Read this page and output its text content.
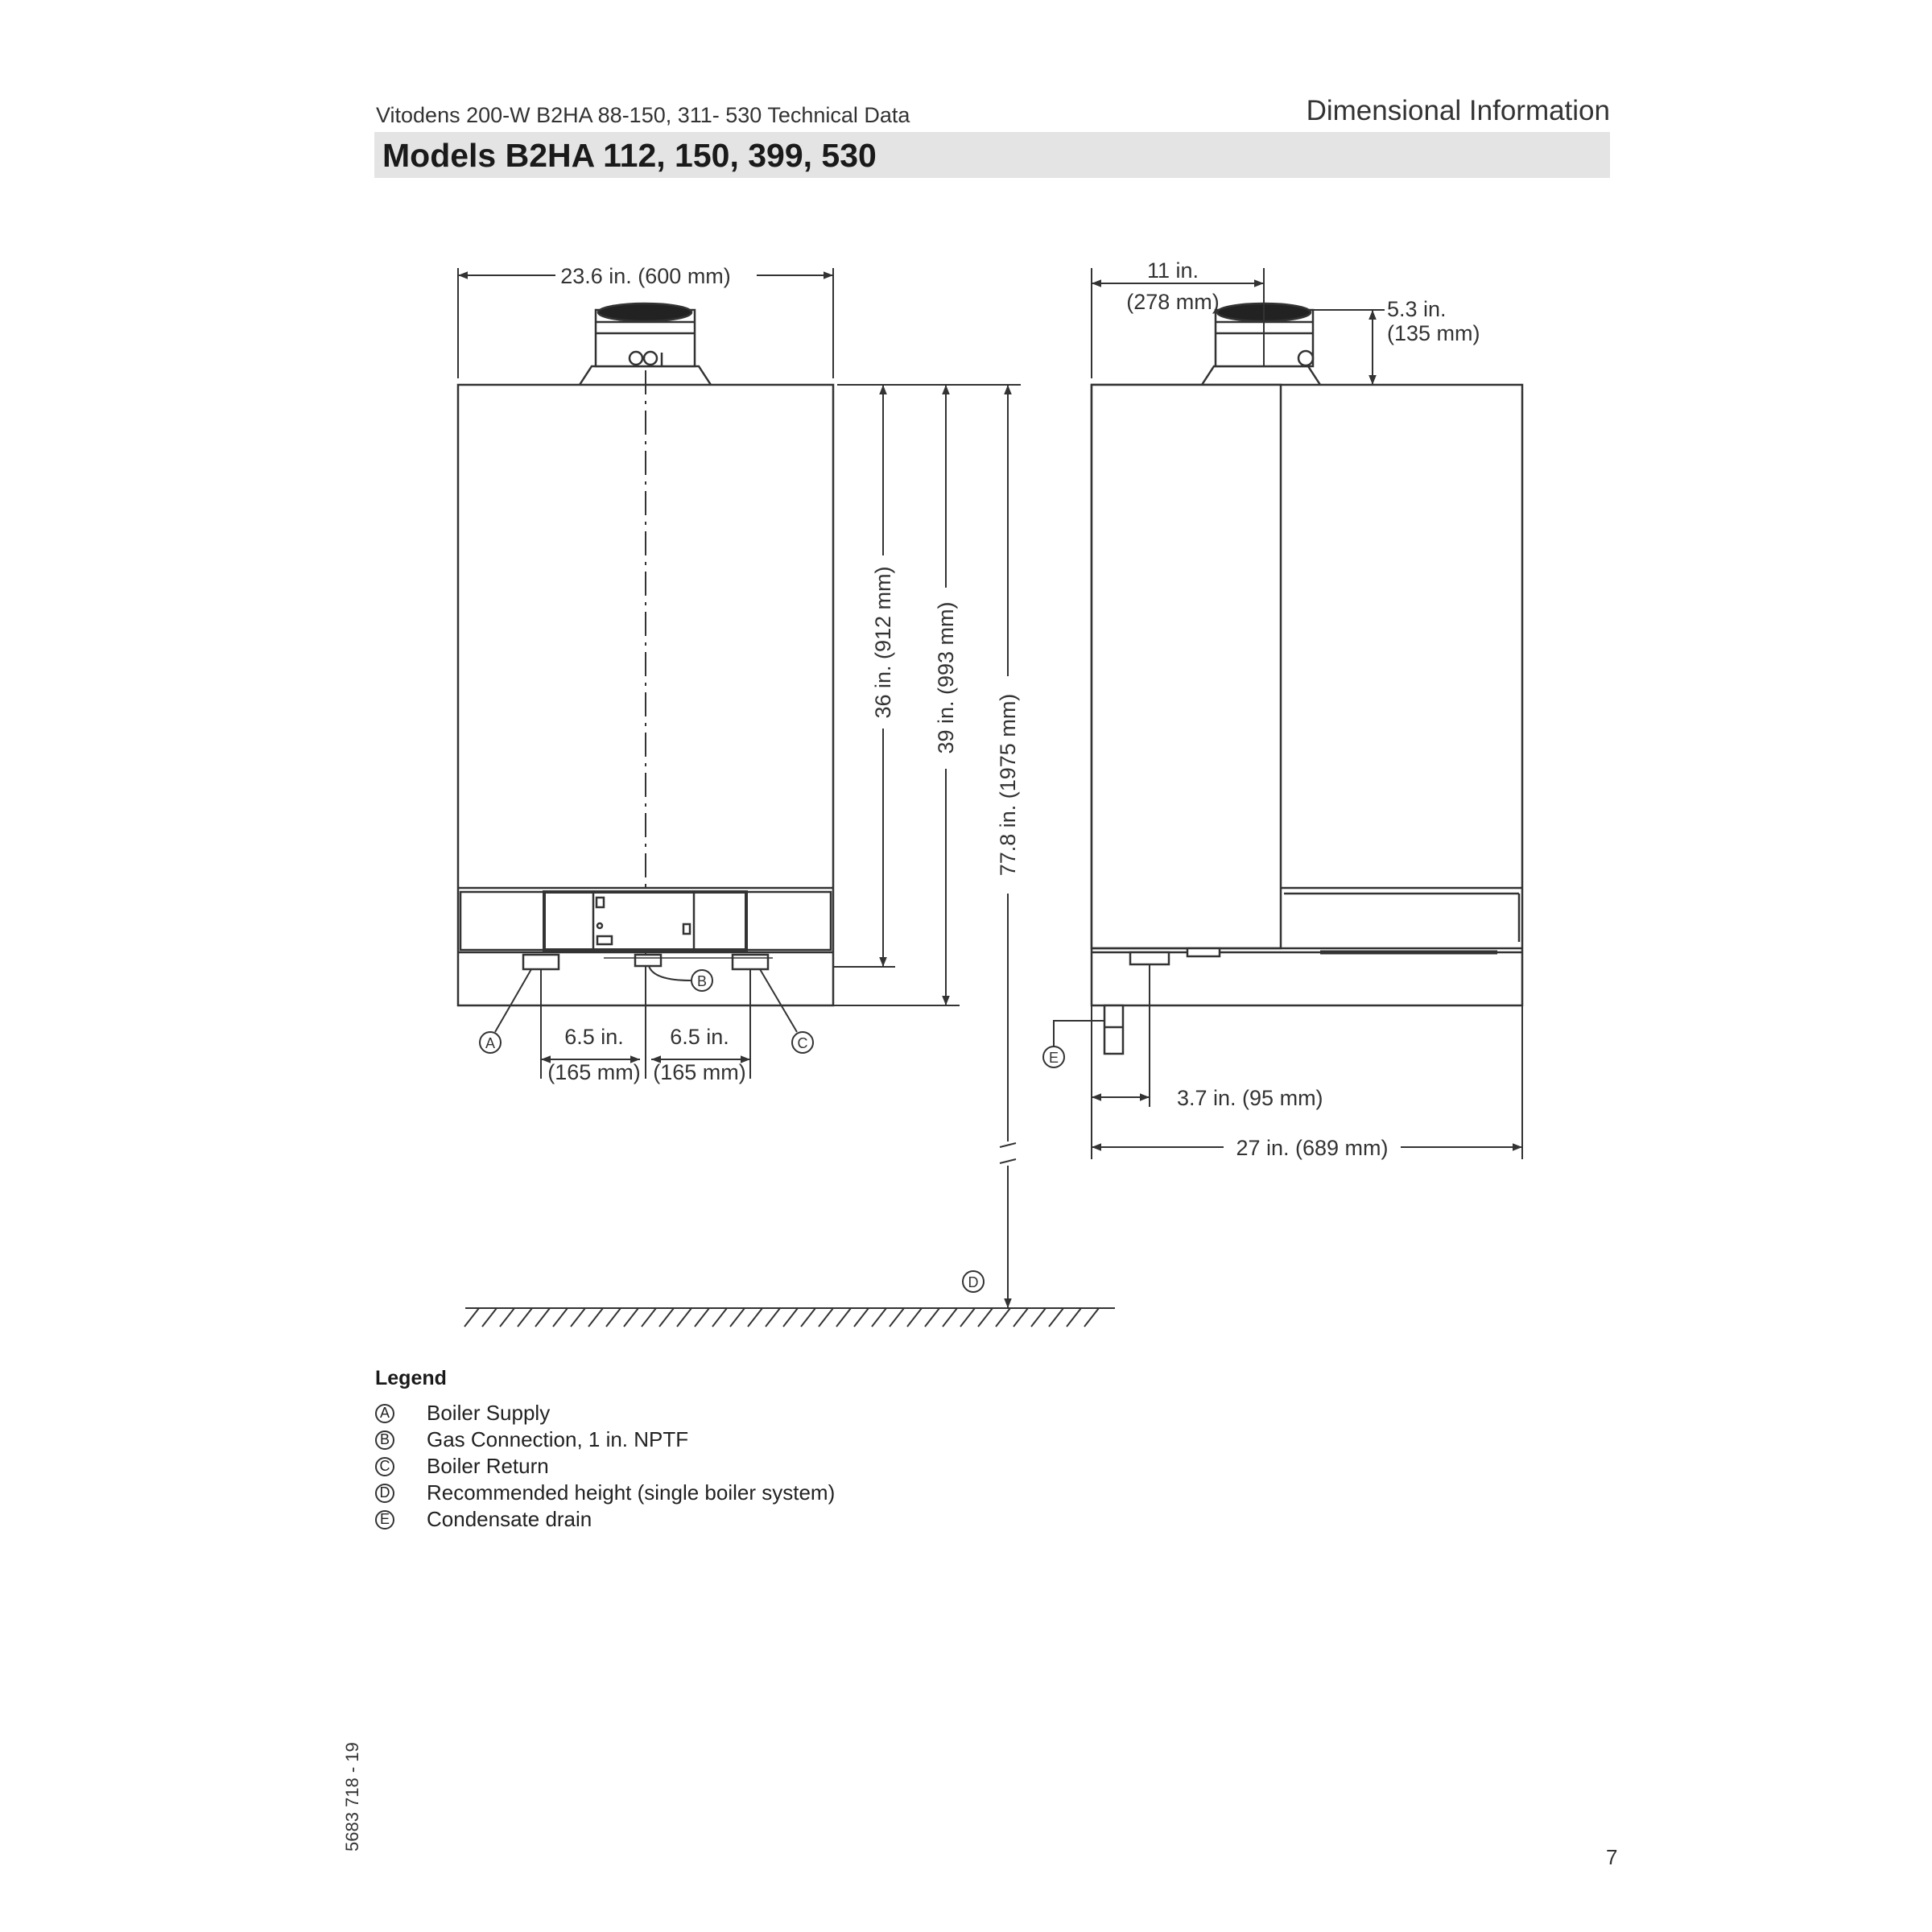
Vitodens 200-W B2HA 88-150, 311- 530 Technical Data	Dimensional Information
Models B2HA 112, 150, 399, 530
23.6 in. (600 mm)
36 in. (912 mm) 39 in. (993 mm)
77.8 in. (1975 mm)
6.5 in.
(165 mm)
6.5 in.
(165 mm)
A
B
C
D
E
11 in.
(278 mm)	5.3 in.
(135 mm)
3.7 in. (95 mm)
27 in. (689 mm)
Legend
A Boiler Supply
B Gas Connection, 1 in. NPTF
C Boiler Return
D Recommended height (single boiler system)
E Condensate drain
5683 718 - 19
7
